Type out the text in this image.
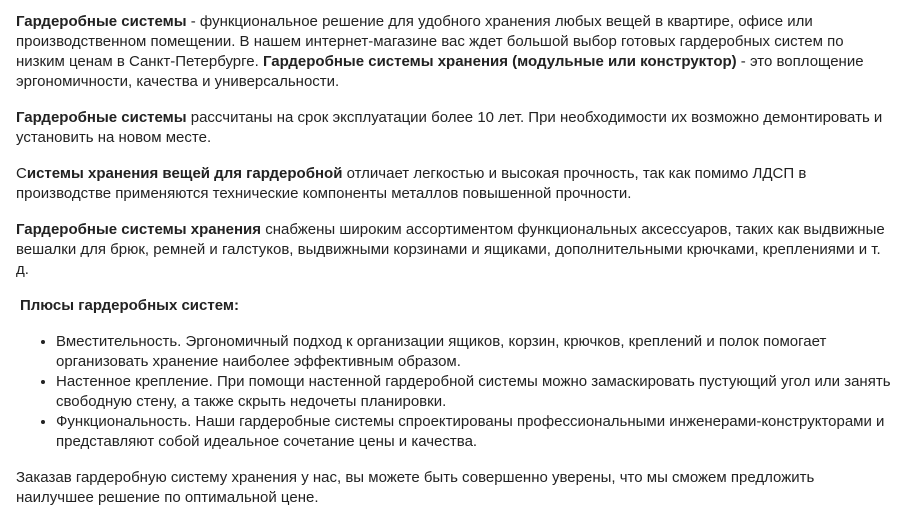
Гардеробные системы - функциональное решение для удобного хранения любых вещей в квартире, офисе или производственном помещении. В нашем интернет-магазине вас ждет большой выбор готовых гардеробных систем по низким ценам в Санкт-Петербурге. Гардеробные системы хранения (модульные или конструктор) - это воплощение эргономичности, качества и универсальности.

Гардеробные системы рассчитаны на срок эксплуатации более 10 лет. При необходимости их возможно демонтировать и установить на новом месте.

Системы хранения вещей для гардеробной отличает легкостью и высокая прочность, так как помимо ЛДСП в производстве применяются технические компоненты металлов повышенной прочности.

Гардеробные системы хранения снабжены широким ассортиментом функциональных аксессуаров, таких как выдвижные вешалки для брюк, ремней и галстуков, выдвижными корзинами и ящиками, дополнительными крючками, креплениями и т. д.

Плюсы гардеробных систем:
• Вместительность. Эргономичный подход к организации ящиков, корзин, крючков, креплений и полок помогает организовать хранение наиболее эффективным образом.
• Настенное крепление. При помощи настенной гардеробной системы можно замаскировать пустующий угол или занять свободную стену, а также скрыть недочеты планировки.
• Функциональность. Наши гардеробные системы спроектированы профессиональными инженерами-конструкторами и представляют собой идеальное сочетание цены и качества.

Заказав гардеробную систему хранения у нас, вы можете быть совершенно уверены, что мы сможем предложить наилучшее решение по оптимальной цене.
